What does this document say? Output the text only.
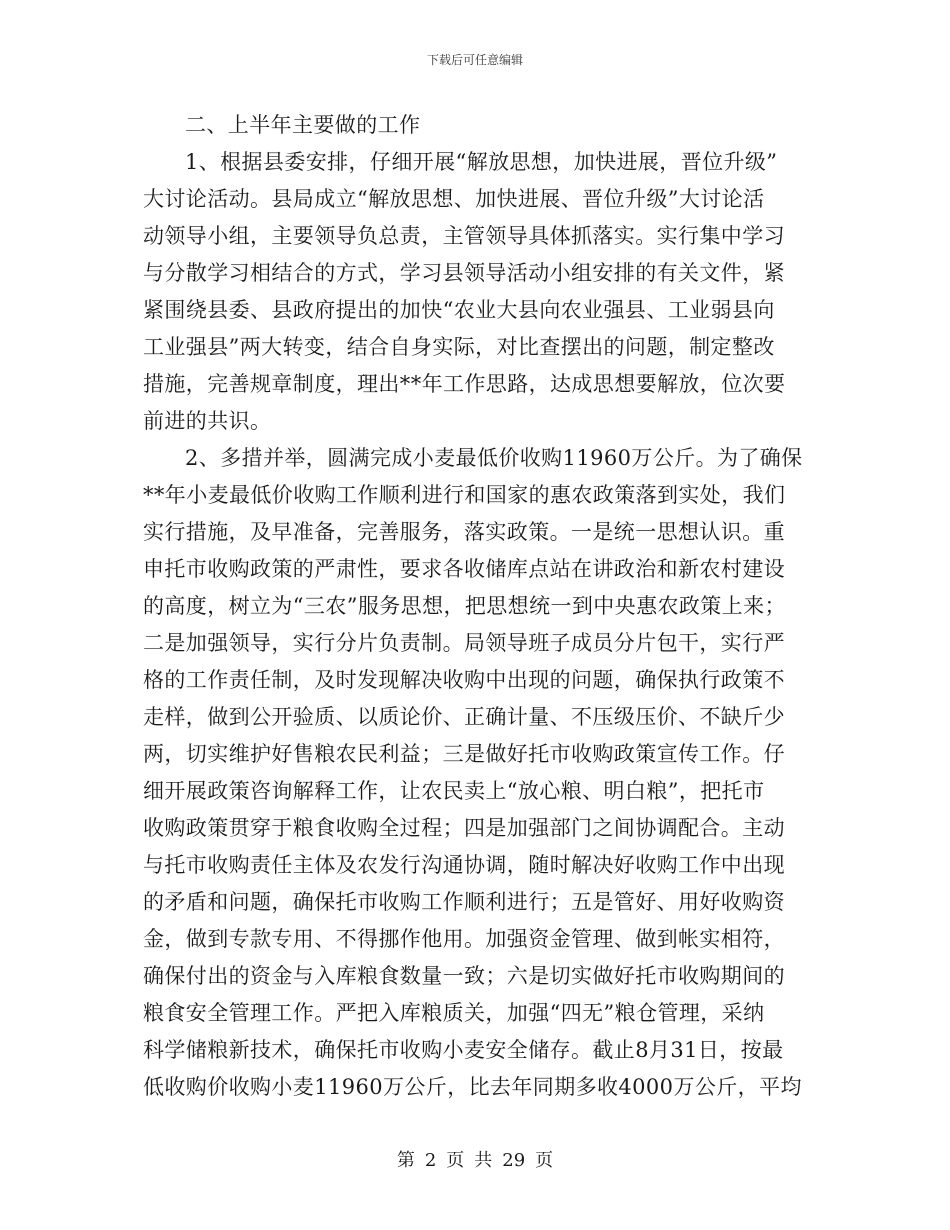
下载后可任意编辑

二、上半年主要做的工作

1、根据县委安排，仔细开展“解放思想，加快进展，晋位升级”
大讨论活动。县局成立“解放思想、加快进展、晋位升级”大讨论活
动领导小组，主要领导负总责，主管领导具体抓落实。实行集中学习
与分散学习相结合的方式，学习县领导活动小组安排的有关文件，紧
紧围绕县委、县政府提出的加快“农业大县向农业强县、工业弱县向
工业强县”两大转变，结合自身实际，对比查摆出的问题，制定整改
措施，完善规章制度，理出**年工作思路，达成思想要解放，位次要
前进的共识。
2、多措并举，圆满完成小麦最低价收购11960万公斤。为了确保
**年小麦最低价收购工作顺利进行和国家的惠农政策落到实处，我们
实行措施，及早准备，完善服务，落实政策。一是统一思想认识。重
申托市收购政策的严肃性，要求各收储库点站在讲政治和新农村建设
的高度，树立为“三农”服务思想，把思想统一到中央惠农政策上来；
二是加强领导，实行分片负责制。局领导班子成员分片包干，实行严
格的工作责任制，及时发现解决收购中出现的问题，确保执行政策不
走样，做到公开验质、以质论价、正确计量、不压级压价、不缺斤少
两，切实维护好售粮农民利益；三是做好托市收购政策宣传工作。仔
细开展政策咨询解释工作，让农民卖上“放心粮、明白粮”，把托市
收购政策贯穿于粮食收购全过程；四是加强部门之间协调配合。主动
与托市收购责任主体及农发行沟通协调，随时解决好收购工作中出现
的矛盾和问题，确保托市收购工作顺利进行；五是管好、用好收购资
金，做到专款专用、不得挪作他用。加强资金管理、做到帐实相符，
确保付出的资金与入库粮食数量一致；六是切实做好托市收购期间的
粮食安全管理工作。严把入库粮质关，加强“四无”粮仓管理，采纳
科学储粮新技术，确保托市收购小麦安全储存。截止8月31日，按最
低收购价收购小麦11960万公斤，比去年同期多收4000万公斤，平均
第 2 页 共 29 页
